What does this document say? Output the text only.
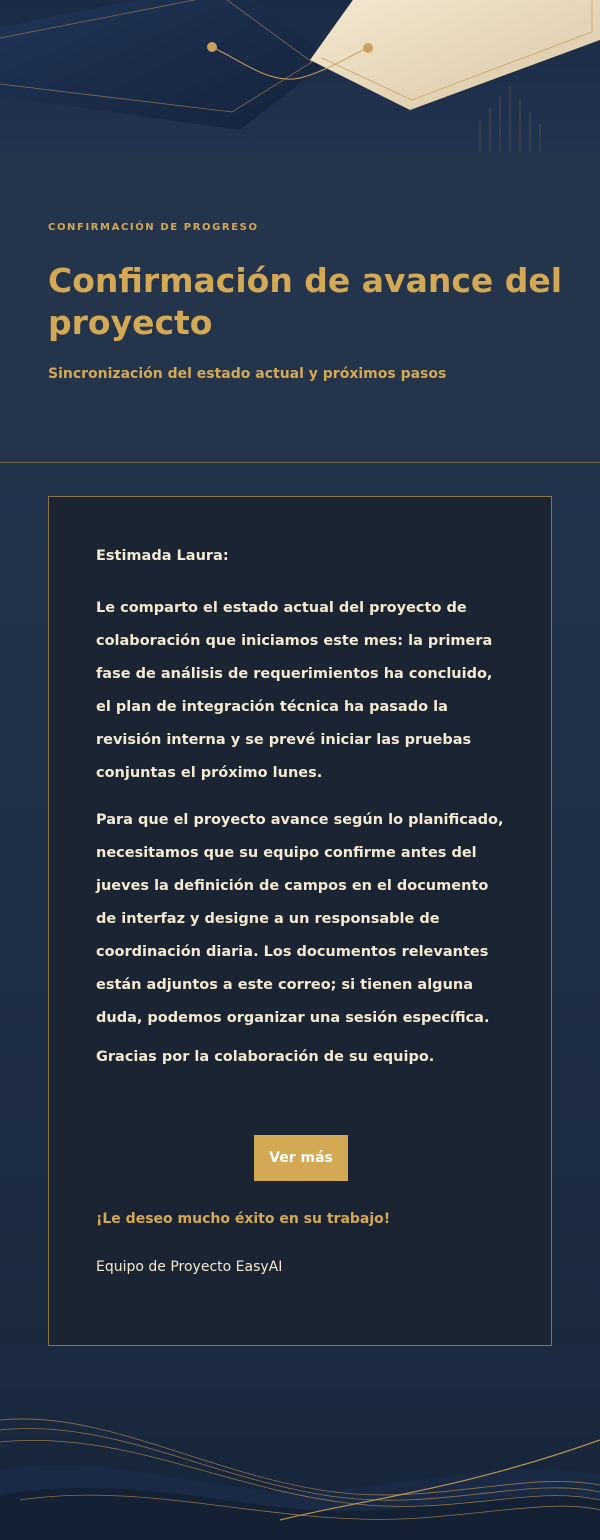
CONFIRMACIÓN DE PROGRESO
Confirmación de avance del proyecto
Sincronización del estado actual y próximos pasos

Estimada Laura:

Le comparto el estado actual del proyecto de colaboración que iniciamos este mes: la primera fase de análisis de requerimientos ha concluido, el plan de integración técnica ha pasado la revisión interna y se prevé iniciar las pruebas conjuntas el próximo lunes.

Para que el proyecto avance según lo planificado, necesitamos que su equipo confirme antes del jueves la definición de campos en el documento de interfaz y designe a un responsable de coordinación diaria. Los documentos relevantes están adjuntos a este correo; si tienen alguna duda, podemos organizar una sesión específica.

Gracias por la colaboración de su equipo.

Ver más
¡Le deseo mucho éxito en su trabajo!
Equipo de Proyecto EasyAI
